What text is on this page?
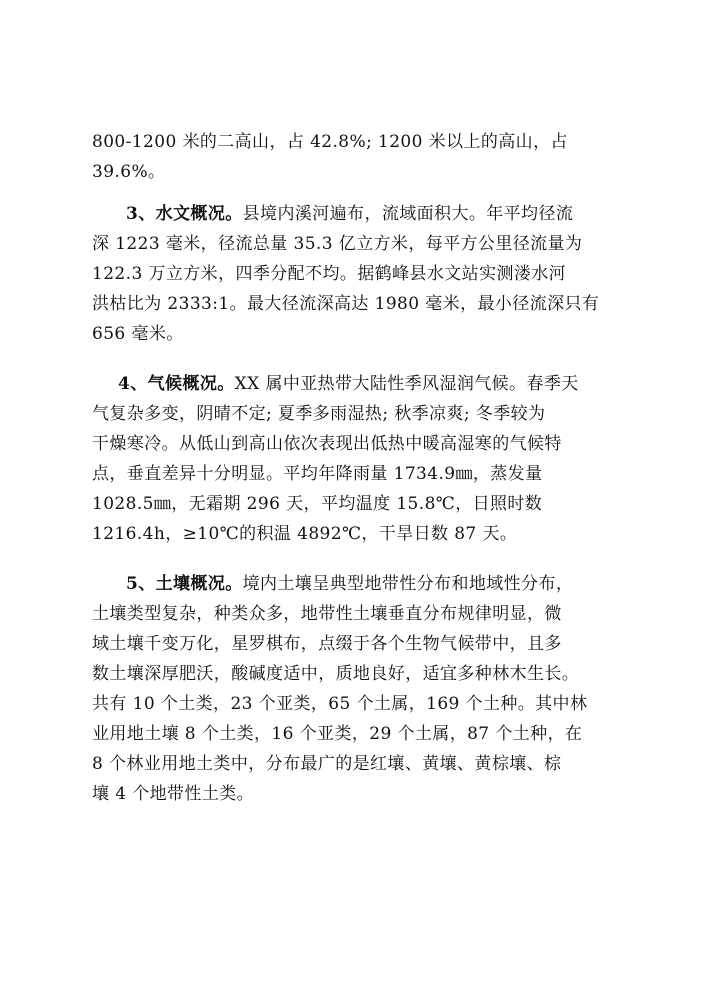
800-1200 米的二高山，占 42.8%; 1200 米以上的高山，占
39.6%。
3、水文概况。县境内溪河遍布，流域面积大。年平均径流
深 1223 毫米，径流总量 35.3 亿立方米，每平方公里径流量为
122.3 万立方米，四季分配不均。据鹤峰县水文站实测溇水河
洪枯比为 2333:1。最大径流深高达 1980 毫米，最小径流深只有
656 毫米。
4、气候概况。XX 属中亚热带大陆性季风湿润气候。春季天
气复杂多变，阴晴不定; 夏季多雨湿热; 秋季凉爽; 冬季较为
干燥寒冷。从低山到高山依次表现出低热中暖高湿寒的气候特
点，垂直差异十分明显。平均年降雨量 1734.9㎜，蒸发量
1028.5㎜，无霜期 296 天，平均温度 15.8℃，日照时数
1216.4h，≥10℃的积温 4892℃，干旱日数 87 天。
5、土壤概况。境内土壤呈典型地带性分布和地域性分布，
土壤类型复杂，种类众多，地带性土壤垂直分布规律明显，微
域土壤千变万化，星罗棋布，点缀于各个生物气候带中，且多
数土壤深厚肥沃，酸碱度适中，质地良好，适宜多种林木生长。
共有 10 个土类，23 个亚类，65 个土属，169 个土种。其中林
业用地土壤 8 个土类，16 个亚类，29 个土属，87 个土种，在
8 个林业用地土类中，分布最广的是红壤、黄壤、黄棕壤、棕
壤 4 个地带性土类。
